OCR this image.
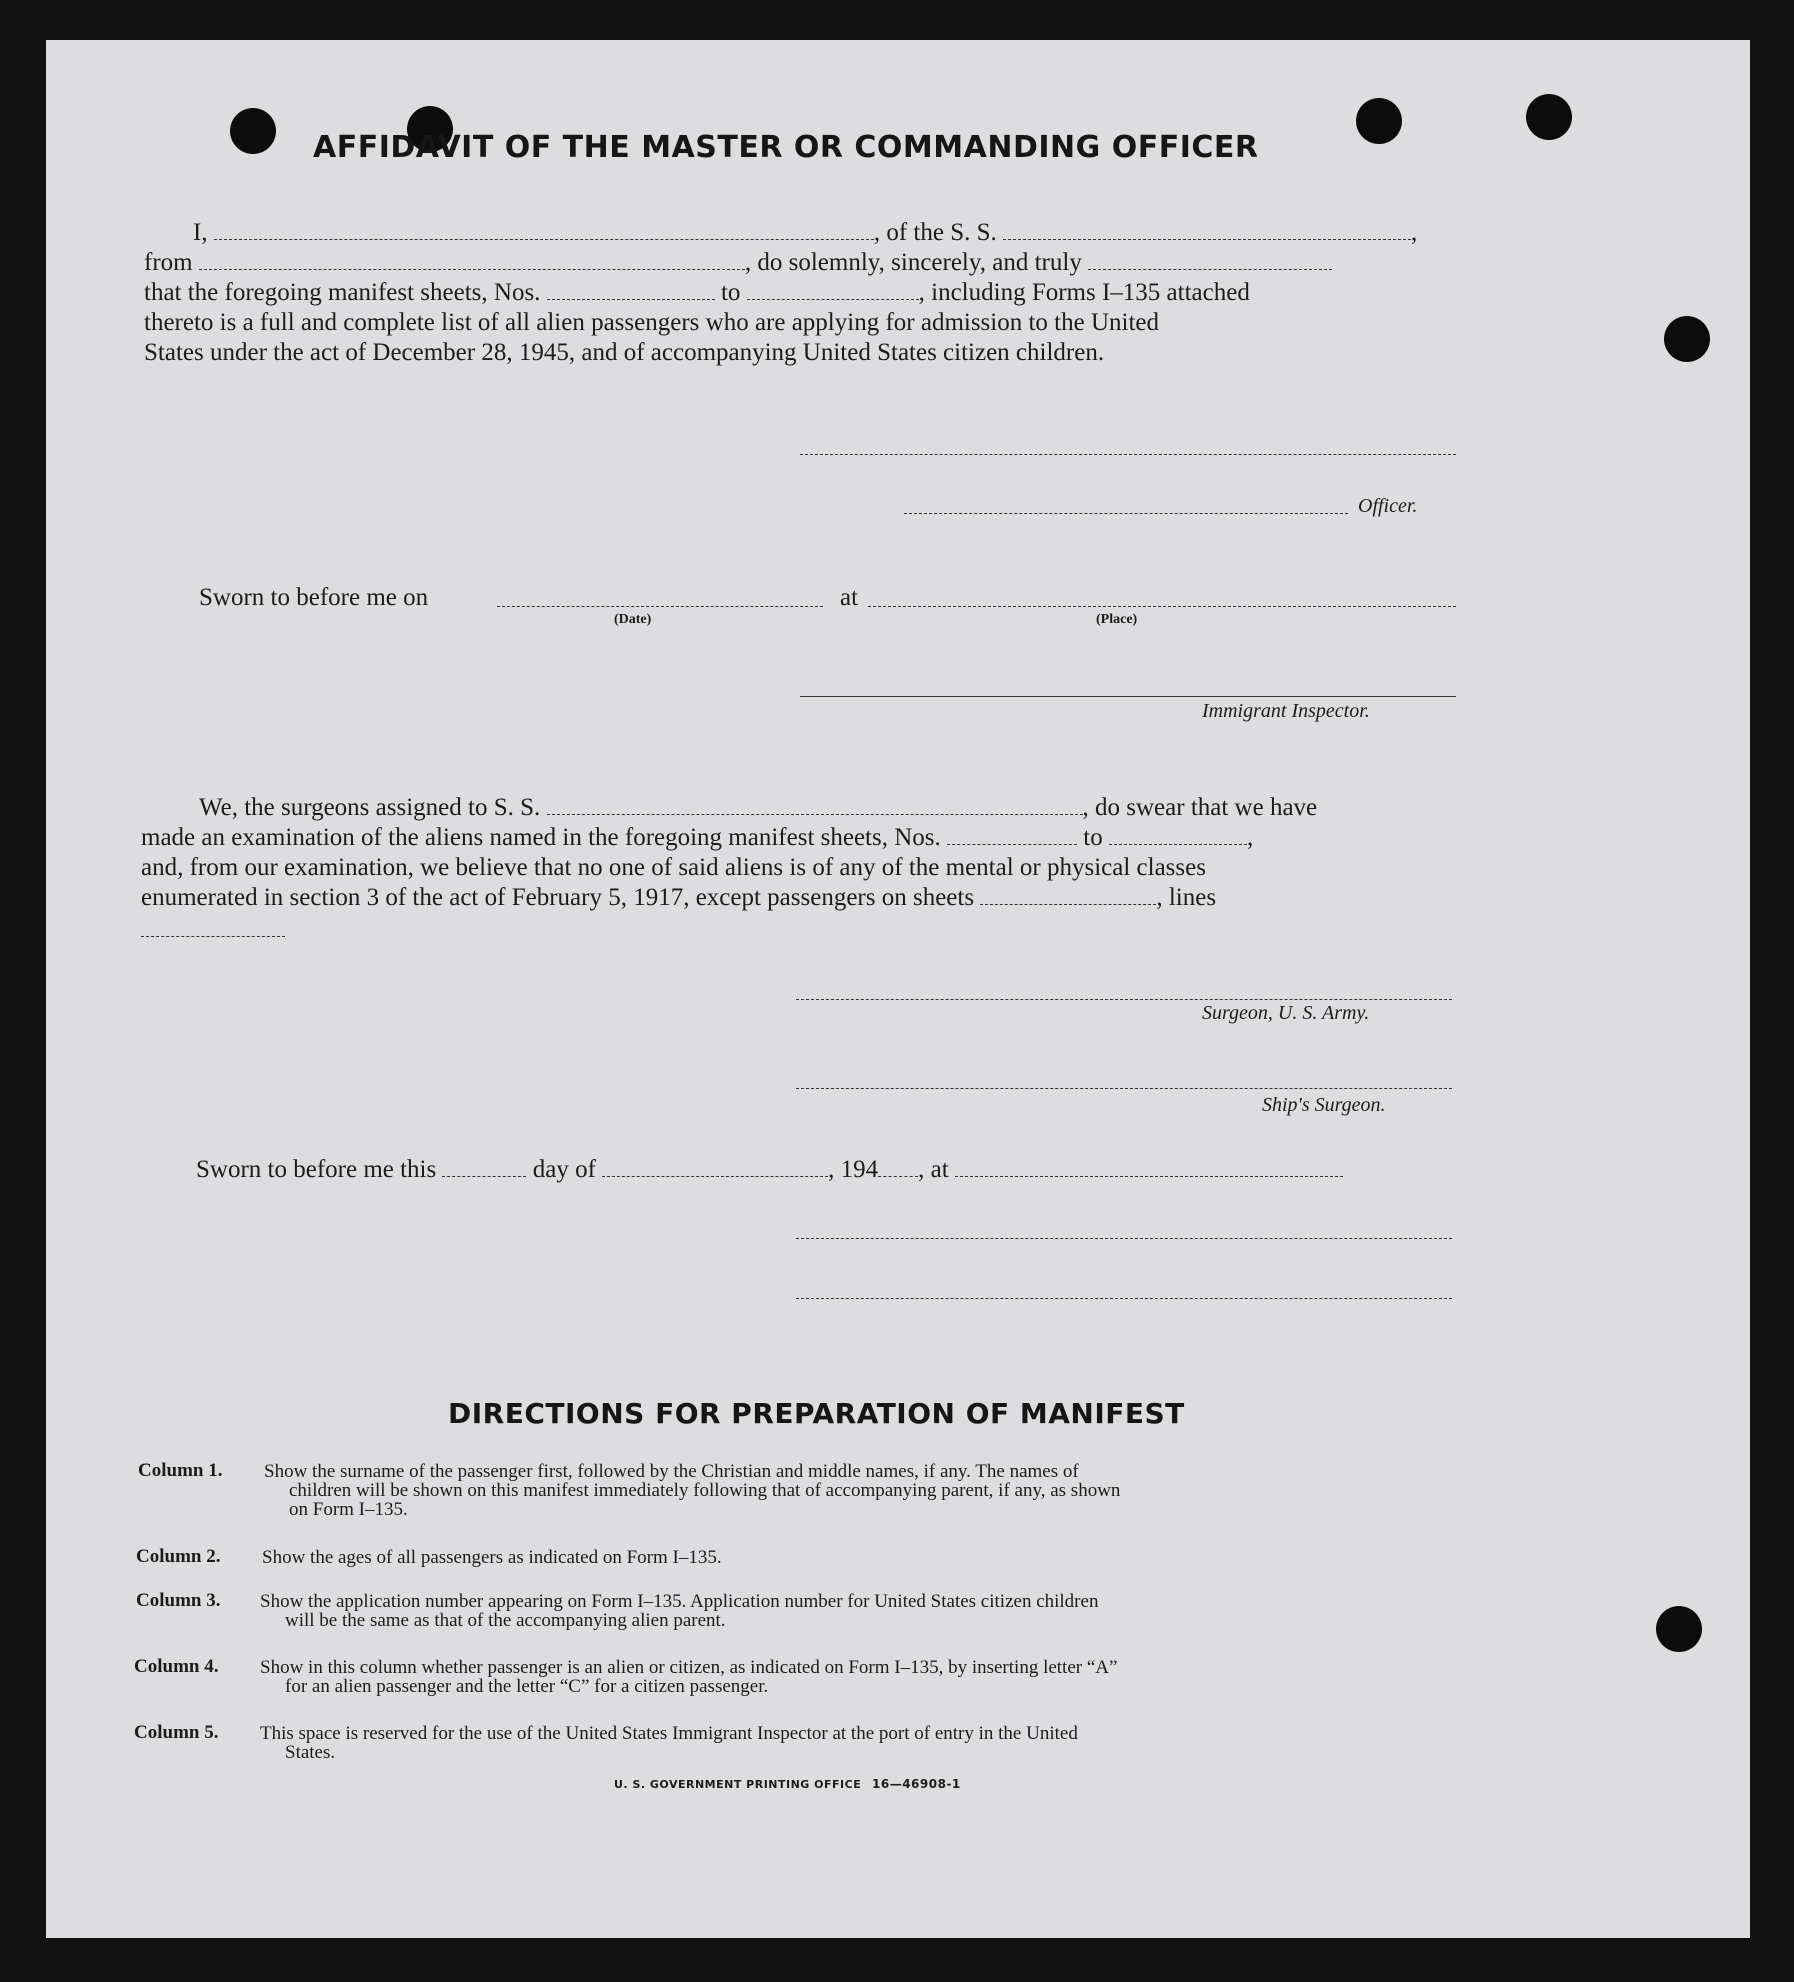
AFFIDAVIT OF THE MASTER OR COMMANDING OFFICER
I,	, of the S. S.	,
from	, do solemnly, sincerely, and truly
that the foregoing manifest sheets, Nos.	to	, including Forms I–135 attached
thereto is a full and complete list of all alien passengers who are applying for admission to the United
States under the act of December 28, 1945, and of accompanying United States citizen children.
Officer.
Sworn to before me on
(Date)
at
(Place)
Immigrant Inspector.
We, the surgeons assigned to S. S.	, do swear that we have
made an examination of the aliens named in the foregoing manifest sheets, Nos.	to	,
and, from our examination, we believe that no one of said aliens is of any of the mental or physical classes
enumerated in section 3 of the act of February 5, 1917, except passengers on sheets	, lines
Surgeon, U. S. Army.
Ship's Surgeon.
Sworn to before me this	day of	, 194 , at
DIRECTIONS FOR PREPARATION OF MANIFEST
Column 1. Show the surname of the passenger first, followed by the Christian and middle names, if any. The names of
children will be shown on this manifest immediately following that of accompanying parent, if any, as shown
on Form I–135.
Column 2. Show the ages of all passengers as indicated on Form I–135.
Column 3. Show the application number appearing on Form I–135. Application number for United States citizen children
will be the same as that of the accompanying alien parent.
Column 4. Show in this column whether passenger is an alien or citizen, as indicated on Form I–135, by inserting letter “A”
for an alien passenger and the letter “C” for a citizen passenger.
Column 5. This space is reserved for the use of the United States Immigrant Inspector at the port of entry in the United
States.
U. S. GOVERNMENT PRINTING OFFICE 16—46908-1
